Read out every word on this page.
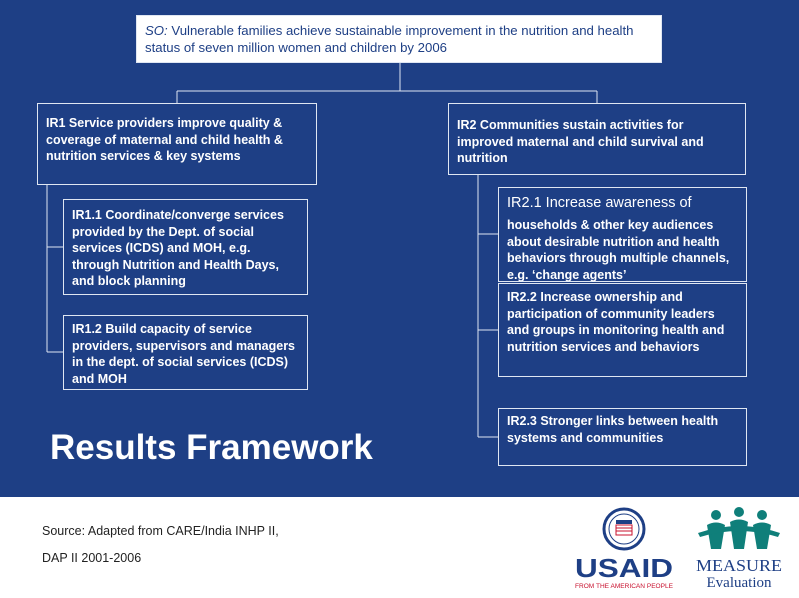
SO: Vulnerable families achieve sustainable improvement in the nutrition and health status of seven million women and children by 2006
IR1 Service providers improve quality & coverage of maternal and child health & nutrition services & key systems
IR1.1 Coordinate/converge services provided by the Dept. of social services (ICDS) and MOH, e.g. through Nutrition and Health Days, and block planning
IR1.2 Build capacity of service providers, supervisors and managers in the dept. of social services (ICDS) and MOH
IR2 Communities sustain activities for improved maternal and child survival and nutrition
IR2.1 Increase awareness of
households & other key audiences about desirable nutrition and health behaviors through multiple channels, e.g. ‘change agents’
IR2.2 Increase ownership and participation of community leaders and groups in monitoring health and nutrition services and behaviors
IR2.3 Stronger links between health systems and communities
Results Framework
Source: Adapted from CARE/India INHP II,
DAP II 2001-2006	USAID
FROM THE AMERICAN PEOPLE
MEASURE
Evaluation
